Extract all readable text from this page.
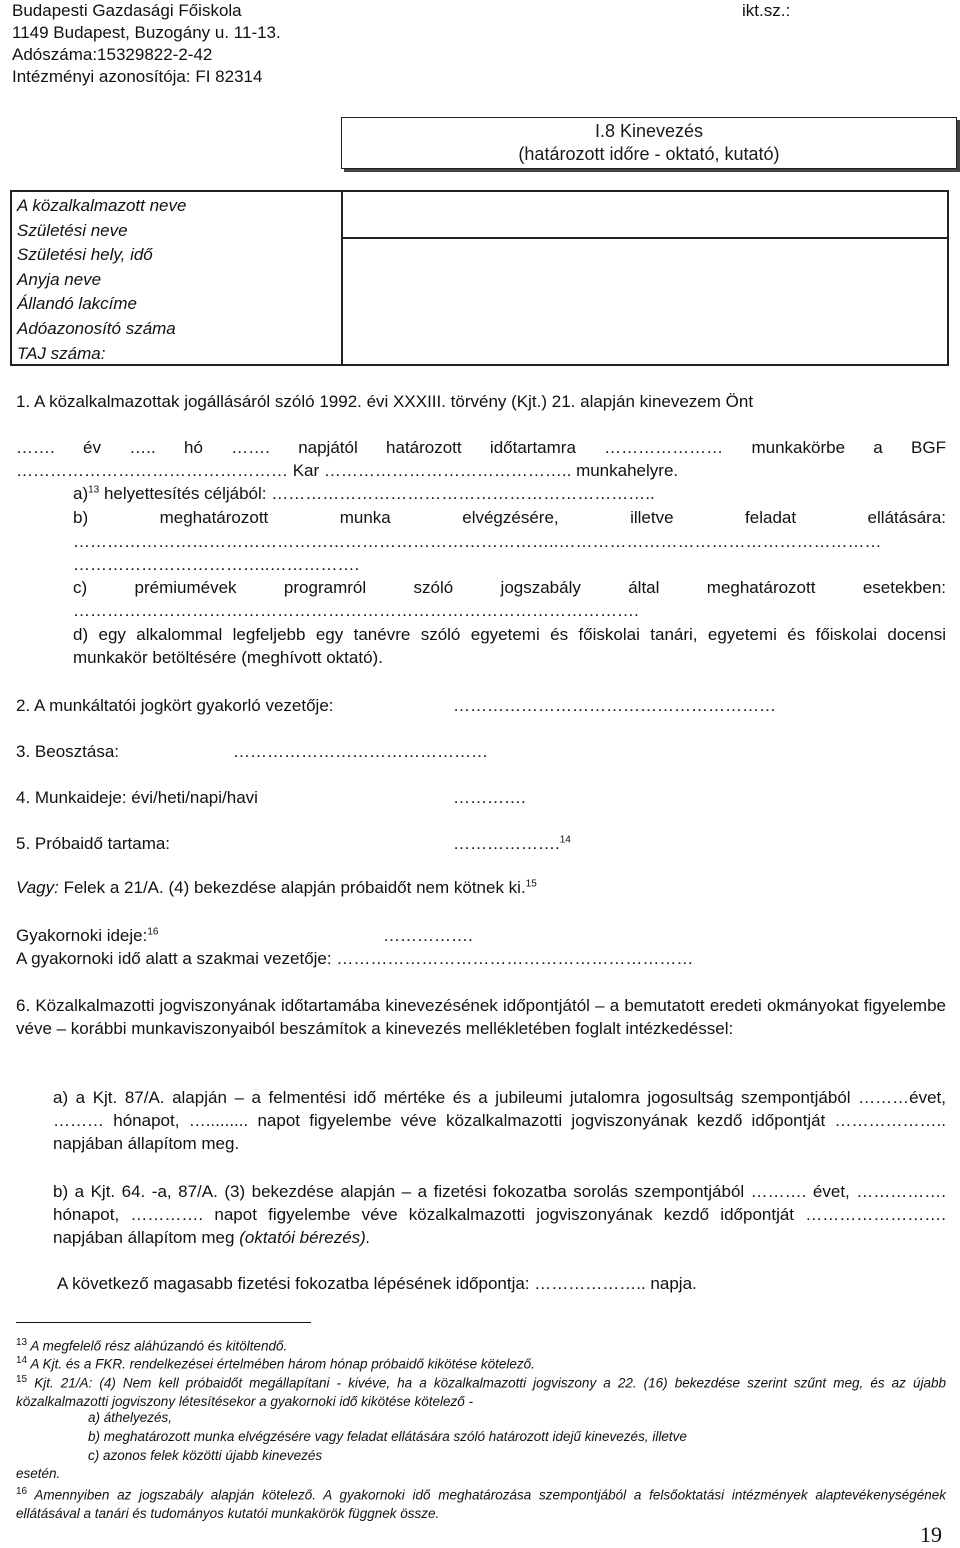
Budapesti Gazdasági Főiskola
1149 Budapest, Buzogány u. 11-13.
Adószáma:15329822-2-42
Intézményi azonosítója: FI 82314
ikt.sz.:
I.8 Kinevezés
(határozott időre - oktató, kutató)
A közalkalmazott neve
Születési neve
Születési hely, idő
Anyja neve
Állandó lakcíme
Adóazonosító száma
TAJ száma:
1. A közalkalmazottak jogállásáról szóló 1992. évi XXXIII. törvény (Kjt.) 21. alapján kinevezem Önt
……. év ….. hó ……. napjától határozott időtartamra ………………… munkakörbe a BGF
………………………………………… Kar …………………………………….. munkahelyre.
a)$^{13}$ helyettesítés céljából: …………………………………………………………..
b) meghatározott munka elvégzésére, illetve feladat ellátására:
…………………………………………………………………………..…………………………………………………
……………………………..…………….
c) prémiumévek programról szóló jogszabály által meghatározott esetekben:
……………………………………………………………………………………….
d) egy alkalommal legfeljebb egy tanévre szóló egyetemi és főiskolai tanári, egyetemi és főiskolai docensi munkakör betöltésére (meghívott oktató).
2. A munkáltatói jogkört gyakorló vezetője:	…………………………………………………
3. Beosztása:	………………………………………
4. Munkaideje: évi/heti/napi/havi	………….
5. Próbaidő tartama:	……………….$^{14}$
Vagy: Felek a 21/A. (4) bekezdése alapján próbaidőt nem kötnek ki.$^{15}$
Gyakornoki ideje:$^{16}$	…………….
A gyakornoki idő alatt a szakmai vezetője: ………………………………………………………
6. Közalkalmazotti jogviszonyának időtartamába kinevezésének időpontjától – a bemutatott eredeti okmányokat figyelembe véve – korábbi munkaviszonyaiból beszámítok a kinevezés mellékletében foglalt intézkedéssel:
a) a Kjt. 87/A. alapján – a felmentési idő mértéke és a jubileumi jutalomra jogosultság szempontjából ………évet, ……… hónapot, …......... napot figyelembe véve közalkalmazotti jogviszonyának kezdő időpontját ……………….. napjában állapítom meg.
b) a Kjt. 64. -a, 87/A. (3) bekezdése alapján – a fizetési fokozatba sorolás szempontjából ………. évet, ……………. hónapot, …………. napot figyelembe véve közalkalmazotti jogviszonyának kezdő időpontját ……………………. napjában állapítom meg (oktatói bérezés).
A következő magasabb fizetési fokozatba lépésének időpontja: ……………….. napja.
$^{13}$ A megfelelő rész aláhúzandó és kitöltendő.
$^{14}$ A Kjt. és a FKR. rendelkezései értelmében három hónap próbaidő kikötése kötelező.
$^{15}$ Kjt. 21/A: (4) Nem kell próbaidőt megállapítani - kivéve, ha a közalkalmazotti jogviszony a 22. (16) bekezdése szerint szűnt meg, és az újabb közalkalmazotti jogviszony létesítésekor a gyakornoki idő kikötése kötelező -
a) áthelyezés,
b) meghatározott munka elvégzésére vagy feladat ellátására szóló határozott idejű kinevezés, illetve
c) azonos felek közötti újabb kinevezés
esetén.
$^{16}$ Amennyiben az jogszabály alapján kötelező. A gyakornoki idő meghatározása szempontjából a felsőoktatási intézmények alaptevékenységének ellátásával a tanári és tudományos kutatói munkakörök függnek össze.
19
